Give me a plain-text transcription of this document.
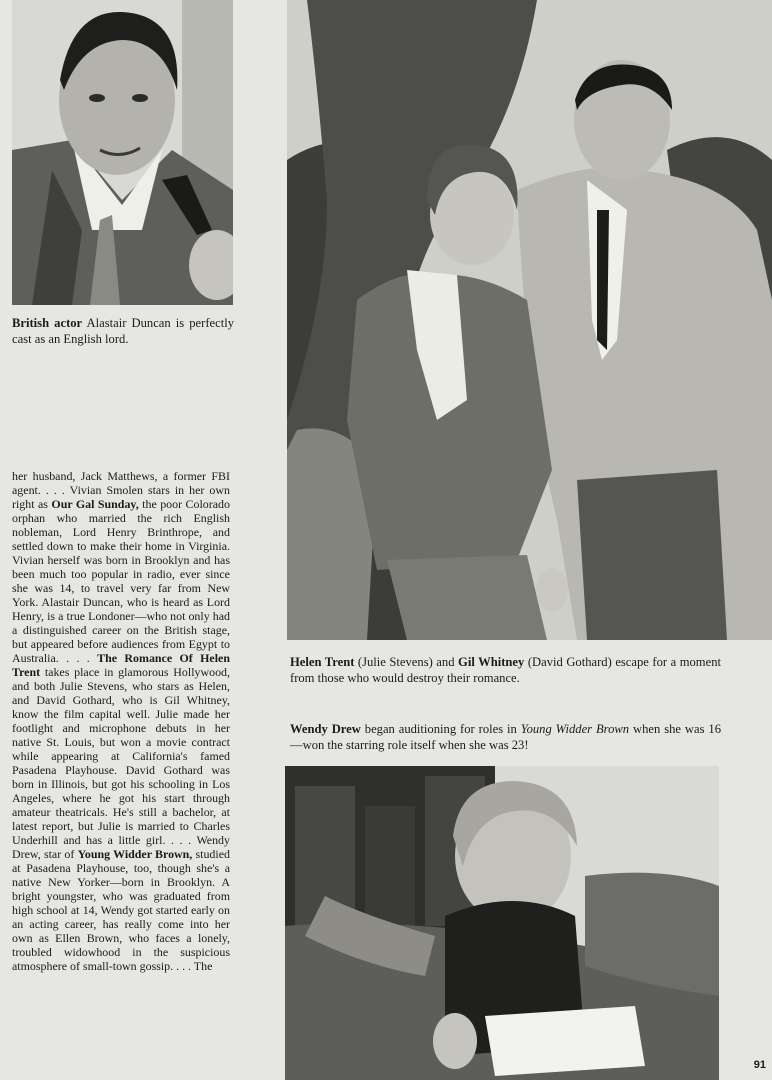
British actor Alastair Duncan is perfectly cast as an English lord.
Helen Trent (Julie Stevens) and Gil Whitney (David Gothard) escape for a moment from those who would destroy their romance.
Wendy Drew began auditioning for roles in Young Widder Brown when she was 16—won the starring role itself when she was 23!
her husband, Jack Matthews, a former FBI agent. . . . Vivian Smolen stars in her own right as Our Gal Sunday, the poor Colorado orphan who married the rich English nobleman, Lord Henry Brinthrope, and settled down to make their home in Virginia. Vivian herself was born in Brooklyn and has been much too popular in radio, ever since she was 14, to travel very far from New York. Alastair Duncan, who is heard as Lord Henry, is a true Londoner—who not only had a distinguished career on the British stage, but appeared before audiences from Egypt to Australia. . . . The Romance Of Helen Trent takes place in glamorous Hollywood, and both Julie Stevens, who stars as Helen, and David Gothard, who is Gil Whitney, know the film capital well. Julie made her footlight and microphone debuts in her native St. Louis, but won a movie contract while appearing at California's famed Pasadena Playhouse. David Gothard was born in Illinois, but got his schooling in Los Angeles, where he got his start through amateur theatricals. He's still a bachelor, at latest report, but Julie is married to Charles Underhill and has a little girl. . . . Wendy Drew, star of Young Widder Brown, studied at Pasadena Playhouse, too, though she's a native New Yorker—born in Brooklyn. A bright youngster, who was graduated from high school at 14, Wendy got started early on an acting career, has really come into her own as Ellen Brown, who faces a lonely, troubled widowhood in the suspicious atmosphere of small-town gossip. . . . The
91
